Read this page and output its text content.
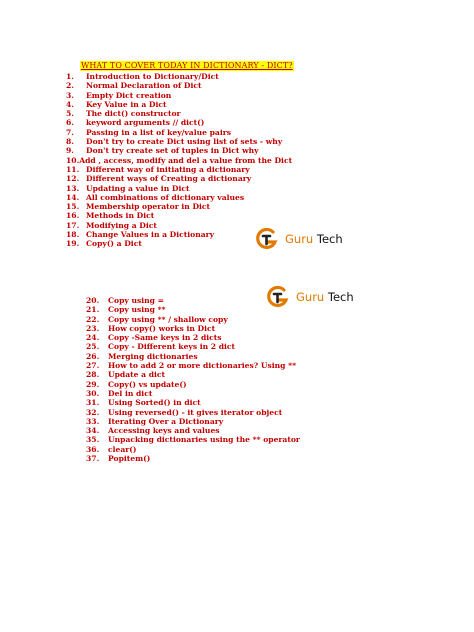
WHAT TO COVER TODAY IN DICTIONARY - DICT?
1. Introduction to Dictionary/Dict
2. Normal Declaration of Dict
3. Empty Dict creation
4. Key Value in a Dict
5. The dict() constructor
6. keyword arguments // dict()
7. Passing in a list of key/value pairs
8. Don't try to create Dict using list of sets - why
9. Don't try create set of tuples in Dict why
10.Add , access, modify and del a value from the Dict
11. Different way of initiating a dictionary
12. Different ways of Creating a dictionary
13. Updating a value in Dict
14. All combinations of dictionary values
15. Membership operator in Dict
16. Methods in Dict
17. Modifying a Dict
18. Change Values in a Dictionary
19. Copy() a Dict	Guru Tech
Guru Tech
20. Copy using =
21. Copy using **
22. Copy using ** / shallow copy
23. How copy() works in Dict
24. Copy -Same keys in 2 dicts
25. Copy - Different keys in 2 dict
26. Merging dictionaries
27. How to add 2 or more dictionaries? Using **
28. Update a dict
29. Copy() vs update()
30. Del in dict
31. Using Sorted() in dict
32. Using reversed() - it gives iterator object
33. Iterating Over a Dictionary
34. Accessing keys and values
35. Unpacking dictionaries using the ** operator
36. clear()
37. Popitem()
